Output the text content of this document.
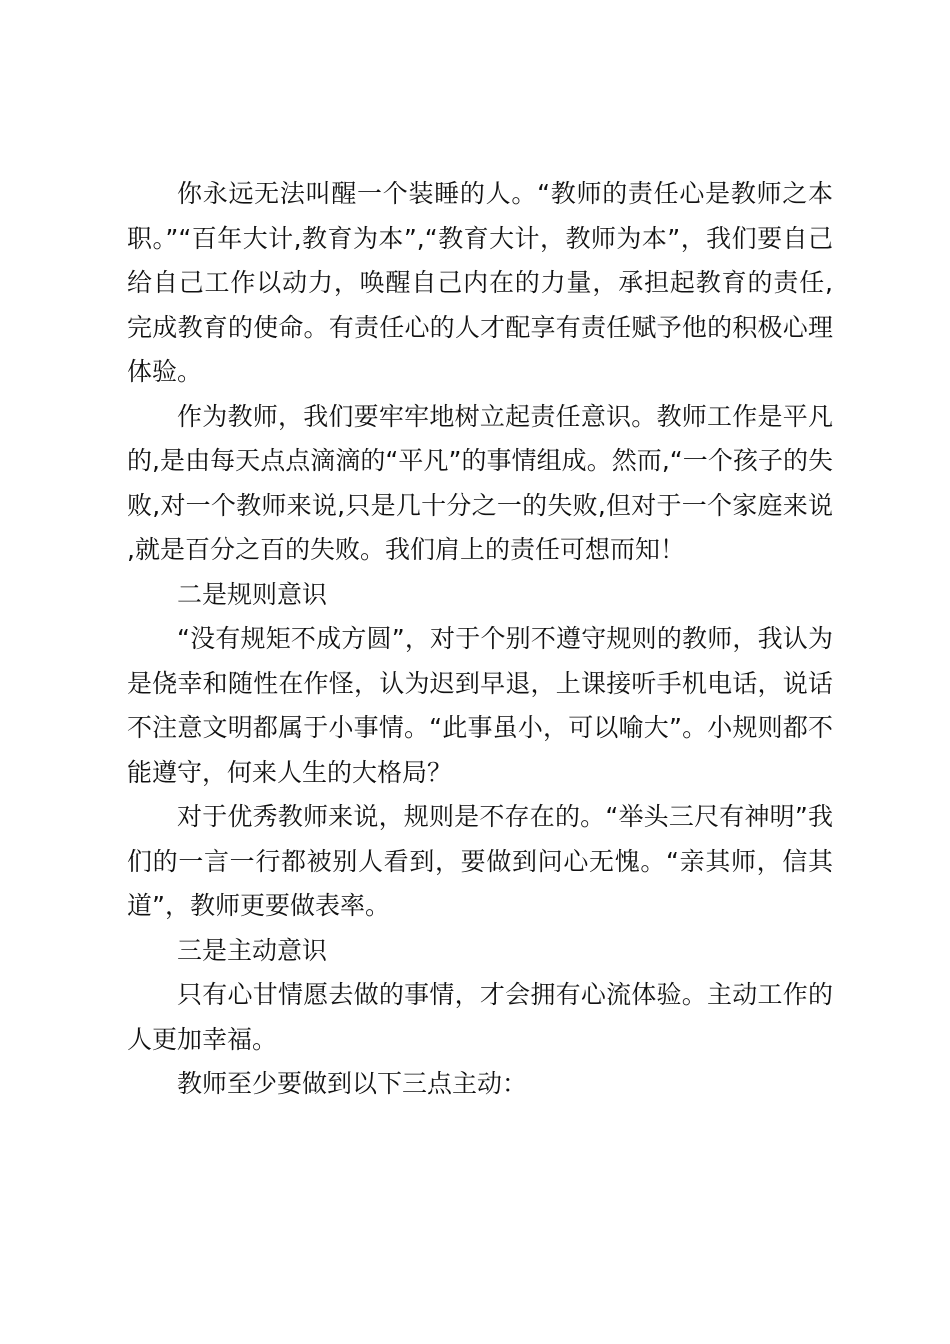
你永远无法叫醒一个装睡的人。“教师的责任心是教师之本职。”“百年大计,教育为本”,“教育大计，教师为本”，我们要自己给自己工作以动力，唤醒自己内在的力量，承担起教育的责任,完成教育的使命。有责任心的人才配享有责任赋予他的积极心理体验。

作为教师，我们要牢牢地树立起责任意识。教师工作是平凡的,是由每天点点滴滴的“平凡”的事情组成。然而,“一个孩子的失败,对一个教师来说,只是几十分之一的失败,但对于一个家庭来说,就是百分之百的失败。我们肩上的责任可想而知！

二是规则意识

“没有规矩不成方圆”，对于个别不遵守规则的教师，我认为是侥幸和随性在作怪，认为迟到早退，上课接听手机电话，说话不注意文明都属于小事情。“此事虽小，可以喻大”。小规则都不能遵守，何来人生的大格局？

对于优秀教师来说，规则是不存在的。“举头三尺有神明”我们的一言一行都被别人看到，要做到问心无愧。“亲其师，信其道”，教师更要做表率。

三是主动意识

只有心甘情愿去做的事情，才会拥有心流体验。主动工作的人更加幸福。

教师至少要做到以下三点主动：
